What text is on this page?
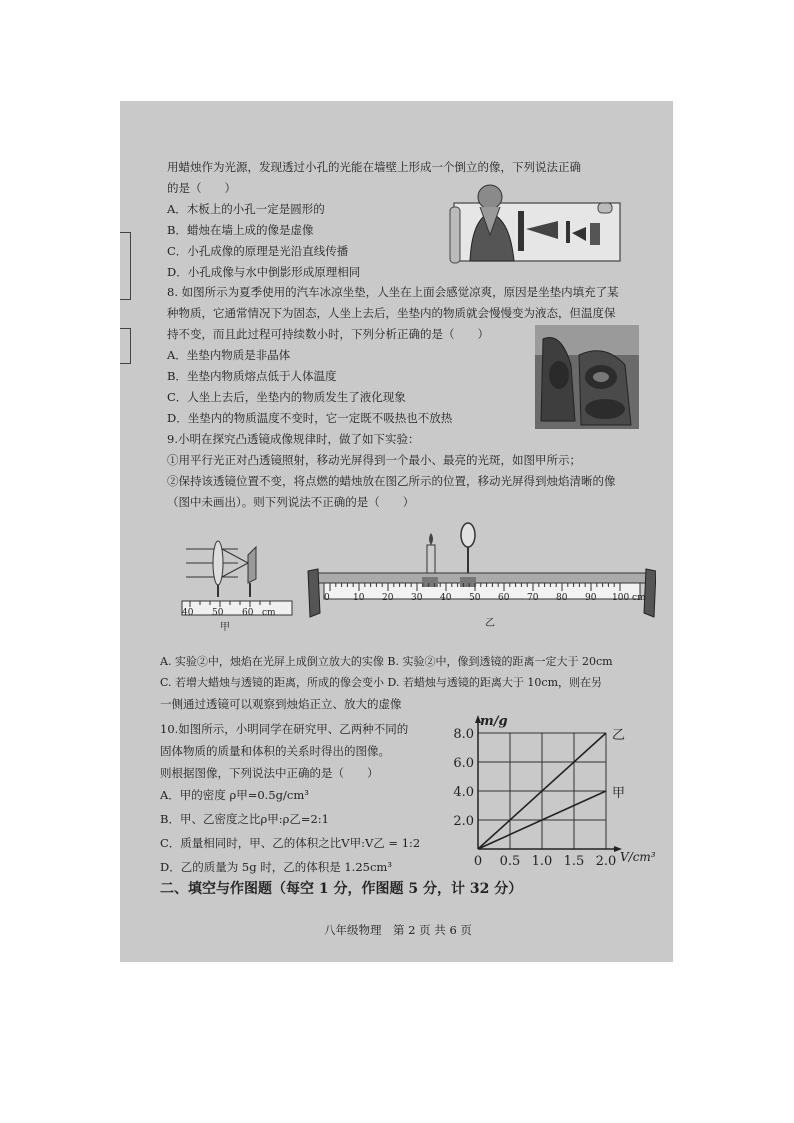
用蜡烛作为光源，发现透过小孔的光能在墙壁上形成一个倒立的像，下列说法正确
的是（　　）
A．木板上的小孔一定是圆形的
B．蜡烛在墙上成的像是虚像
C．小孔成像的原理是光沿直线传播
D．小孔成像与水中倒影形成原理相同
8. 如图所示为夏季使用的汽车冰凉坐垫，人坐在上面会感觉凉爽，原因是坐垫内填充了某
种物质，它通常情况下为固态，人坐上去后，坐垫内的物质就会慢慢变为液态，但温度保
持不变，而且此过程可持续数小时，下列分析正确的是（　　）
A．坐垫内物质是非晶体
B．坐垫内物质熔点低于人体温度
C．人坐上去后，坐垫内的物质发生了液化现象
D．坐垫内的物质温度不变时，它一定既不吸热也不放热
9.小明在探究凸透镜成像规律时，做了如下实验：
①用平行光正对凸透镜照射，移动光屏得到一个最小、最亮的光斑，如图甲所示；
②保持该透镜位置不变，将点燃的蜡烛放在图乙所示的位置，移动光屏得到烛焰清晰的像
（图中未画出）。则下列说法不正确的是（　　）
40 50 60 cm
甲
0	10 20 30 40 50 60 70 80 90 100 cm
乙
A. 实验②中，烛焰在光屏上成倒立放大的实像 B. 实验②中，像到透镜的距离一定大于 20cm
C. 若增大蜡烛与透镜的距离，所成的像会变小 D. 若蜡烛与透镜的距离大于 10cm，则在另
一侧通过透镜可以观察到烛焰正立、放大的虚像
10.如图所示，小明同学在研究甲、乙两种不同的
固体物质的质量和体积的关系时得出的图像。
则根据图像，下列说法中正确的是（　　）
A．甲的密度 ρ甲=0.5g/cm³
B．甲、乙密度之比ρ甲:ρ乙=2:1
C．质量相同时，甲、乙的体积之比V甲:V乙 = 1:2
D．乙的质量为 5g 时，乙的体积是 1.25cm³	0 0.5 1.0 1.5 2.0
2.0
4.0
6.0
8.0
m/g
V/cm³
乙
甲
二、填空与作图题（每空 1 分，作图题 5 分，计 32 分）
八年级物理　第 2 页 共 6 页
